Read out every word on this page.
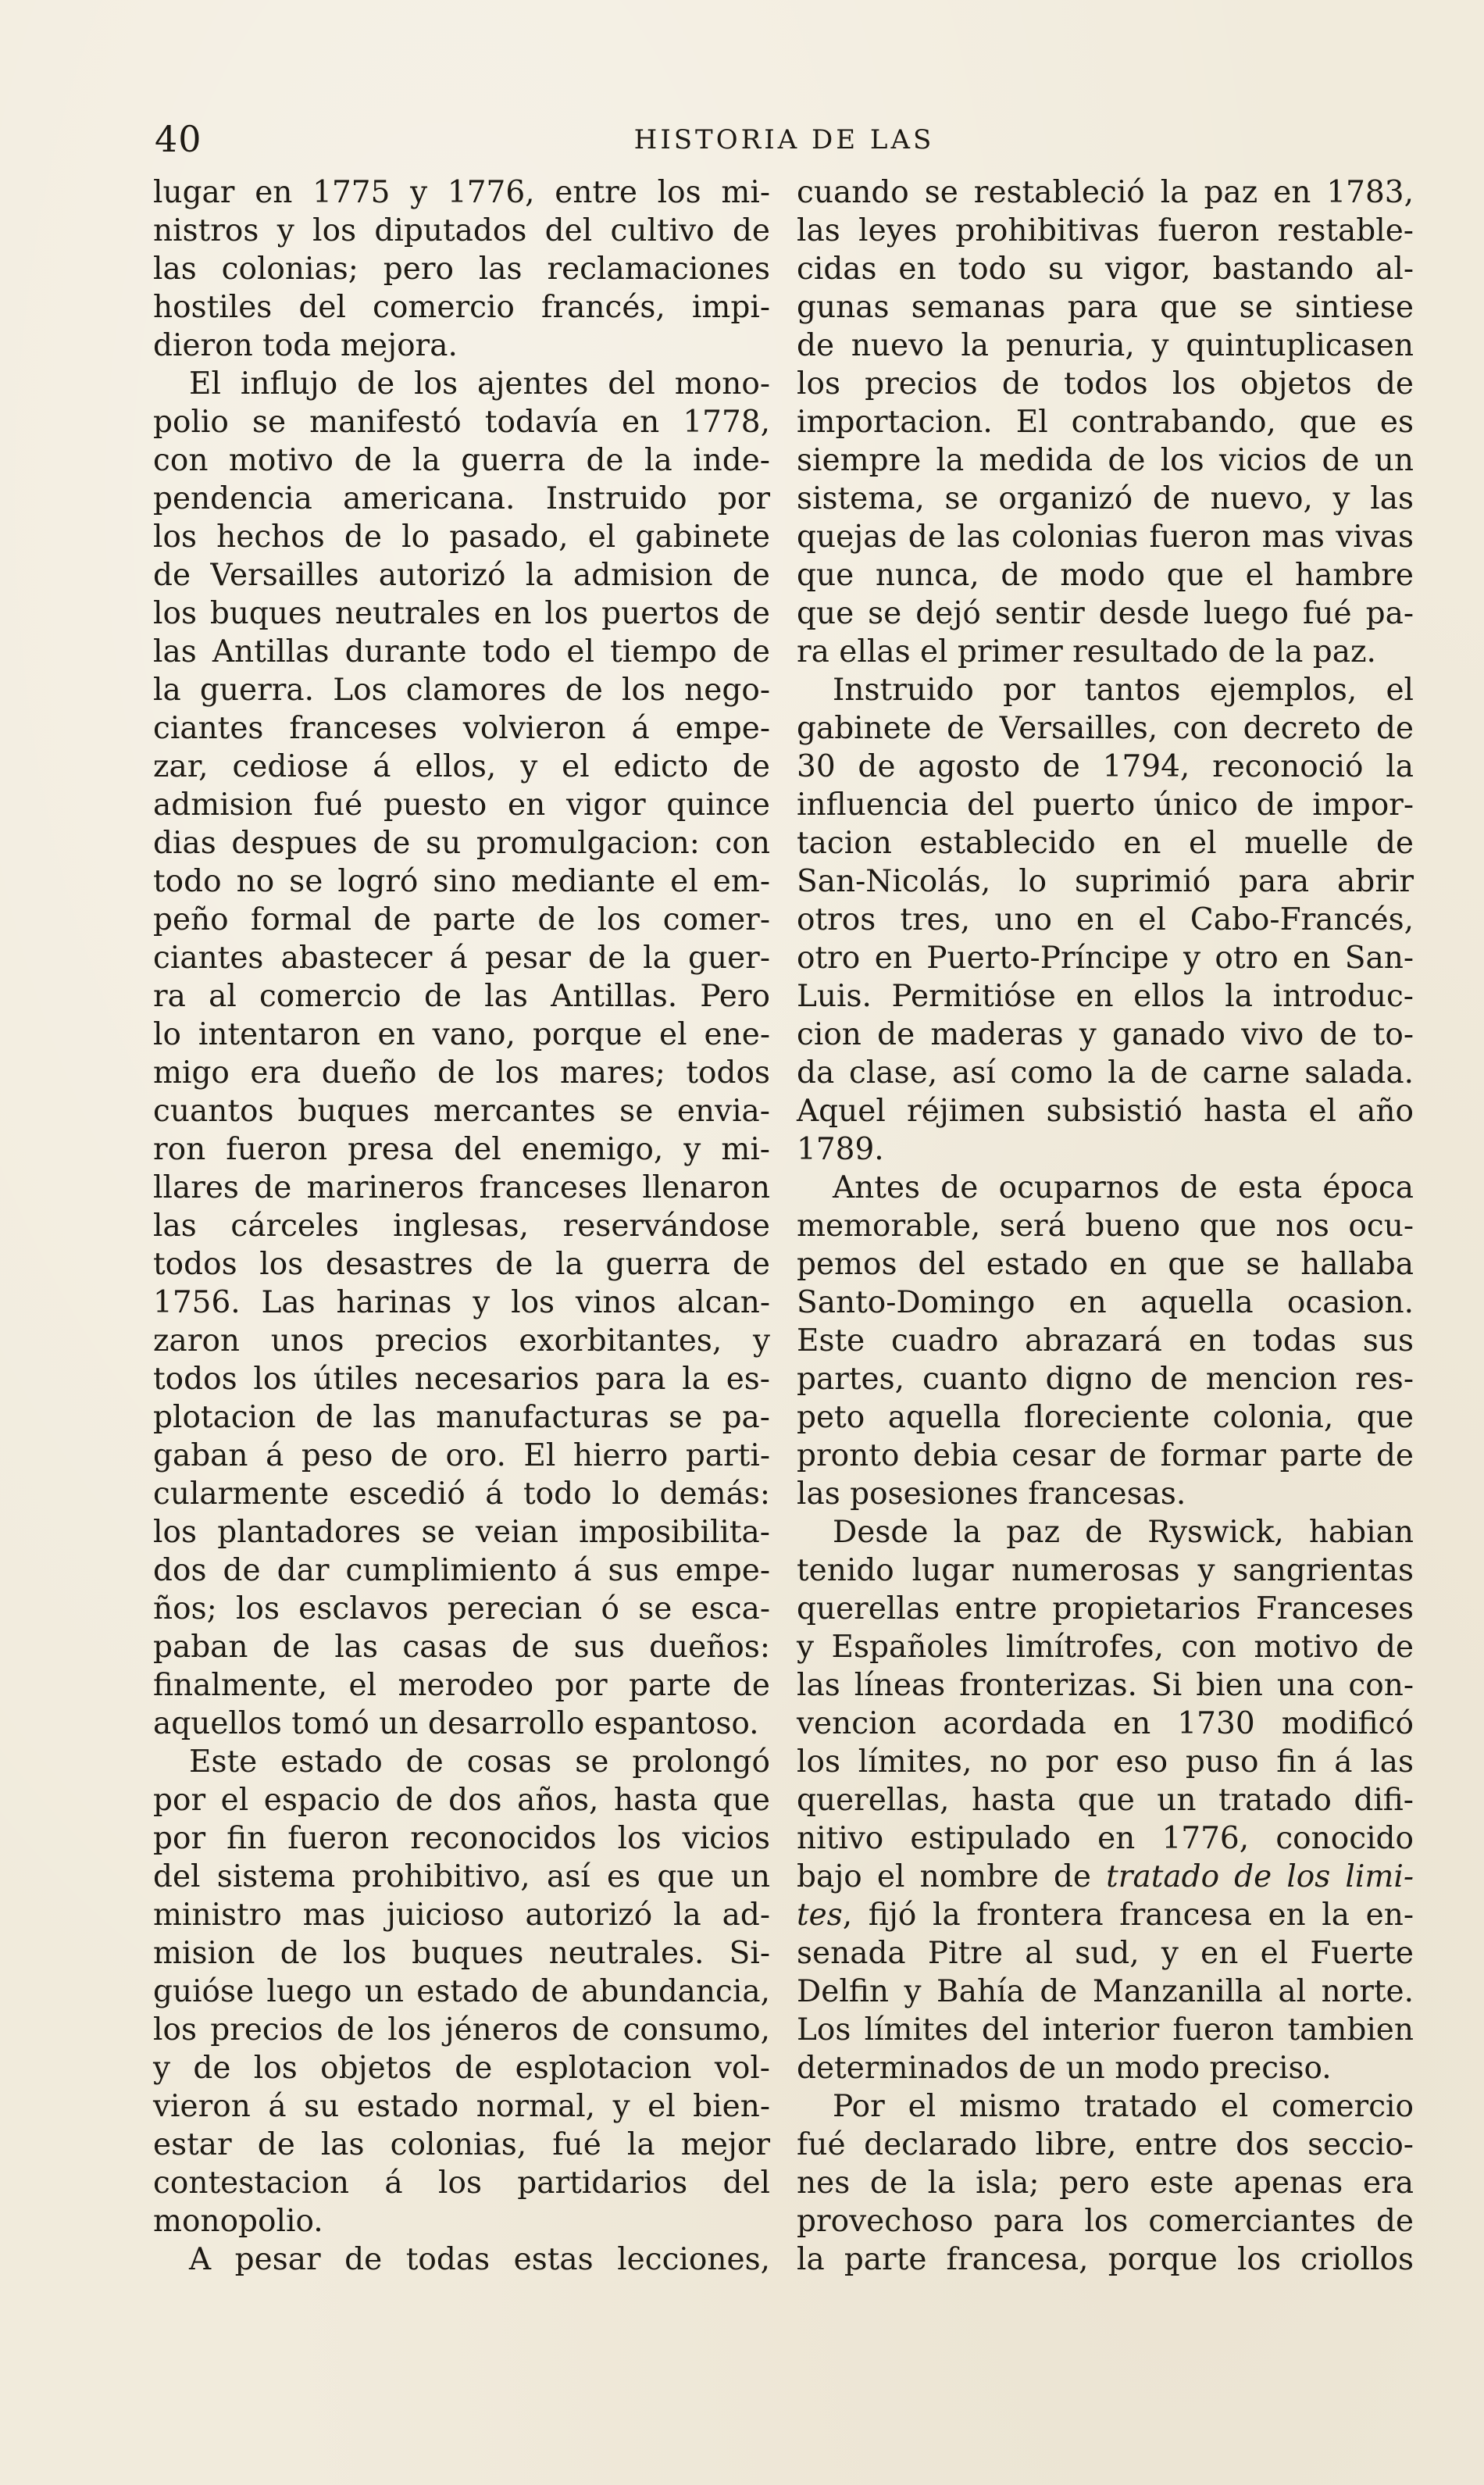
40	HISTORIA DE LAS
lugar en 1775 y 1776, entre los mi-
nistros y los diputados del cultivo de
las colonias; pero las reclamaciones
hostiles del comercio francés, impi-
dieron toda mejora.
El influjo de los ajentes del mono-
polio se manifestó todavía en 1778,
con motivo de la guerra de la inde-
pendencia americana. Instruido por
los hechos de lo pasado, el gabinete
de Versailles autorizó la admision de
los buques neutrales en los puertos de
las Antillas durante todo el tiempo de
la guerra. Los clamores de los nego-
ciantes franceses volvieron á empe-
zar, cediose á ellos, y el edicto de
admision fué puesto en vigor quince
dias despues de su promulgacion: con
todo no se logró sino mediante el em-
peño formal de parte de los comer-
ciantes abastecer á pesar de la guer-
ra al comercio de las Antillas. Pero
lo intentaron en vano, porque el ene-
migo era dueño de los mares; todos
cuantos buques mercantes se envia-
ron fueron presa del enemigo, y mi-
llares de marineros franceses llenaron
las cárceles inglesas, reservándose
todos los desastres de la guerra de
1756. Las harinas y los vinos alcan-
zaron unos precios exorbitantes, y
todos los útiles necesarios para la es-
plotacion de las manufacturas se pa-
gaban á peso de oro. El hierro parti-
cularmente escedió á todo lo demás:
los plantadores se veian imposibilita-
dos de dar cumplimiento á sus empe-
ños; los esclavos perecian ó se esca-
paban de las casas de sus dueños:
finalmente, el merodeo por parte de
aquellos tomó un desarrollo espantoso.
Este estado de cosas se prolongó
por el espacio de dos años, hasta que
por fin fueron reconocidos los vicios
del sistema prohibitivo, así es que un
ministro mas juicioso autorizó la ad-
mision de los buques neutrales. Si-
guióse luego un estado de abundancia,
los precios de los jéneros de consumo,
y de los objetos de esplotacion vol-
vieron á su estado normal, y el bien-
estar de las colonias, fué la mejor
contestacion á los partidarios del
monopolio.
A pesar de todas estas lecciones,
cuando se restableció la paz en 1783,
las leyes prohibitivas fueron restable-
cidas en todo su vigor, bastando al-
gunas semanas para que se sintiese
de nuevo la penuria, y quintuplicasen
los precios de todos los objetos de
importacion. El contrabando, que es
siempre la medida de los vicios de un
sistema, se organizó de nuevo, y las
quejas de las colonias fueron mas vivas
que nunca, de modo que el hambre
que se dejó sentir desde luego fué pa-
ra ellas el primer resultado de la paz.
Instruido por tantos ejemplos, el
gabinete de Versailles, con decreto de
30 de agosto de 1794, reconoció la
influencia del puerto único de impor-
tacion establecido en el muelle de
San-Nicolás, lo suprimió para abrir
otros tres, uno en el Cabo-Francés,
otro en Puerto-Príncipe y otro en San-
Luis. Permitióse en ellos la introduc-
cion de maderas y ganado vivo de to-
da clase, así como la de carne salada.
Aquel réjimen subsistió hasta el año
1789.
Antes de ocuparnos de esta época
memorable, será bueno que nos ocu-
pemos del estado en que se hallaba
Santo-Domingo en aquella ocasion.
Este cuadro abrazará en todas sus
partes, cuanto digno de mencion res-
peto aquella floreciente colonia, que
pronto debia cesar de formar parte de
las posesiones francesas.
Desde la paz de Ryswick, habian
tenido lugar numerosas y sangrientas
querellas entre propietarios Franceses
y Españoles limítrofes, con motivo de
las líneas fronterizas. Si bien una con-
vencion acordada en 1730 modificó
los límites, no por eso puso fin á las
querellas, hasta que un tratado difi-
nitivo estipulado en 1776, conocido
bajo el nombre de tratado de los limi-
tes, fijó la frontera francesa en la en-
senada Pitre al sud, y en el Fuerte
Delfin y Bahía de Manzanilla al norte.
Los límites del interior fueron tambien
determinados de un modo preciso.
Por el mismo tratado el comercio
fué declarado libre, entre dos seccio-
nes de la isla; pero este apenas era
provechoso para los comerciantes de
la parte francesa, porque los criollos
